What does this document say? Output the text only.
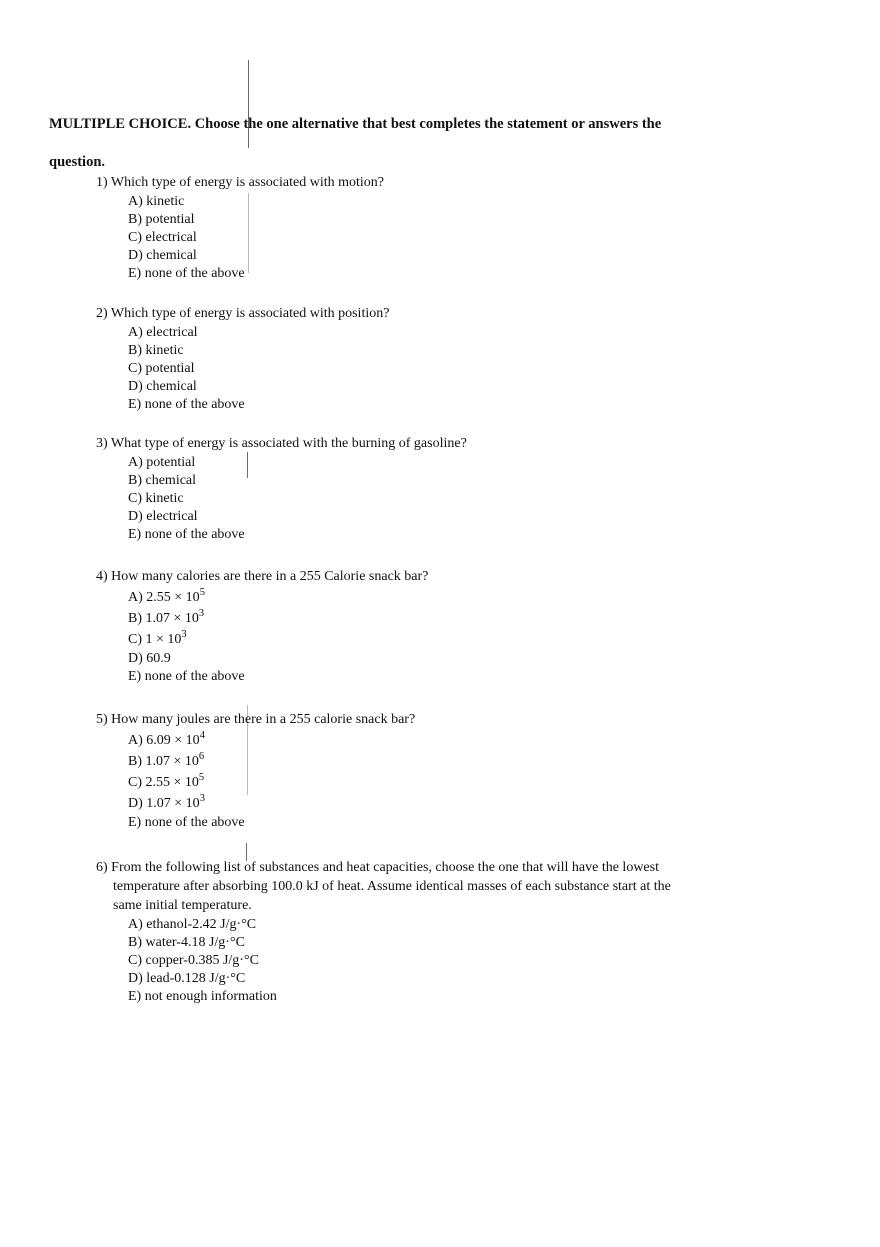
MULTIPLE CHOICE. Choose the one alternative that best completes the statement or answers the
question.
1) Which type of energy is associated with motion?
A) kinetic
B) potential
C) electrical
D) chemical
E) none of the above
2) Which type of energy is associated with position?
A) electrical
B) kinetic
C) potential
D) chemical
E) none of the above
3) What type of energy is associated with the burning of gasoline?
A) potential
B) chemical
C) kinetic
D) electrical
E) none of the above
4) How many calories are there in a 255 Calorie snack bar?
A) $2.55 \times 10^5$
B) $1.07 \times 10^3$
C) $1 \times 10^3$
D) 60.9
E) none of the above
5) How many joules are there in a 255 calorie snack bar?
A) $6.09 \times 10^4$
B) $1.07 \times 10^6$
C) $2.55 \times 10^5$
D) $1.07 \times 10^3$
E) none of the above
6) From the following list of substances and heat capacities, choose the one that will have the lowest
temperature after absorbing 100.0 kJ of heat. Assume identical masses of each substance start at the
same initial temperature.
A) ethanol-2.42 J/g·°C
B) water-4.18 J/g·°C
C) copper-0.385 J/g·°C
D) lead-0.128 J/g·°C
E) not enough information
